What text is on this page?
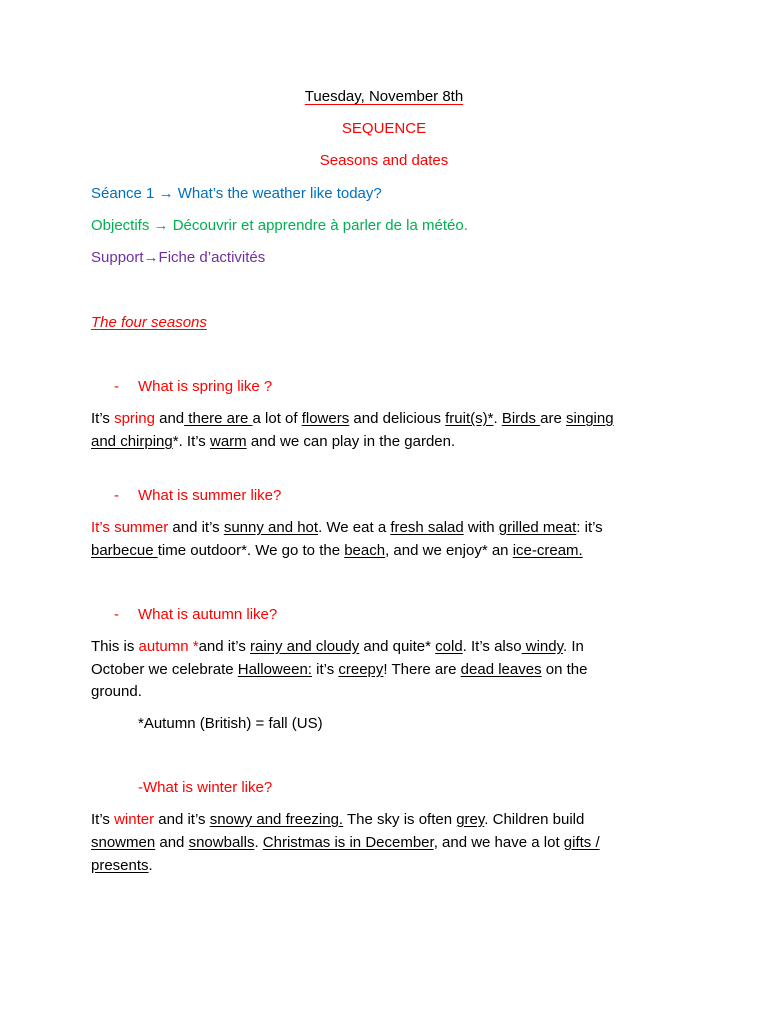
Tuesday, November 8th
SEQUENCE
Seasons and dates
Séance 1 → What’s the weather like today?
Objectifs → Découvrir et apprendre à parler de la météo.
Support→Fiche d’activités
The four seasons
- What is spring like ?
It’s spring and there are a lot of flowers and delicious fruit(s)*. Birds are singing
and chirping*. It’s warm and we can play in the garden.
- What is summer like?
It’s summer and it’s sunny and hot. We eat a fresh salad with grilled meat: it’s
barbecue time outdoor*. We go to the beach, and we enjoy* an ice-cream.
- What is autumn like?
This is autumn *and it’s rainy and cloudy and quite* cold. It’s also windy. In
October we celebrate Halloween: it’s creepy! There are dead leaves on the
ground.
*Autumn (British) = fall (US)
-What is winter like?
It’s winter and it’s snowy and freezing. The sky is often grey. Children build
snowmen and snowballs. Christmas is in December, and we have a lot gifts /
presents.
